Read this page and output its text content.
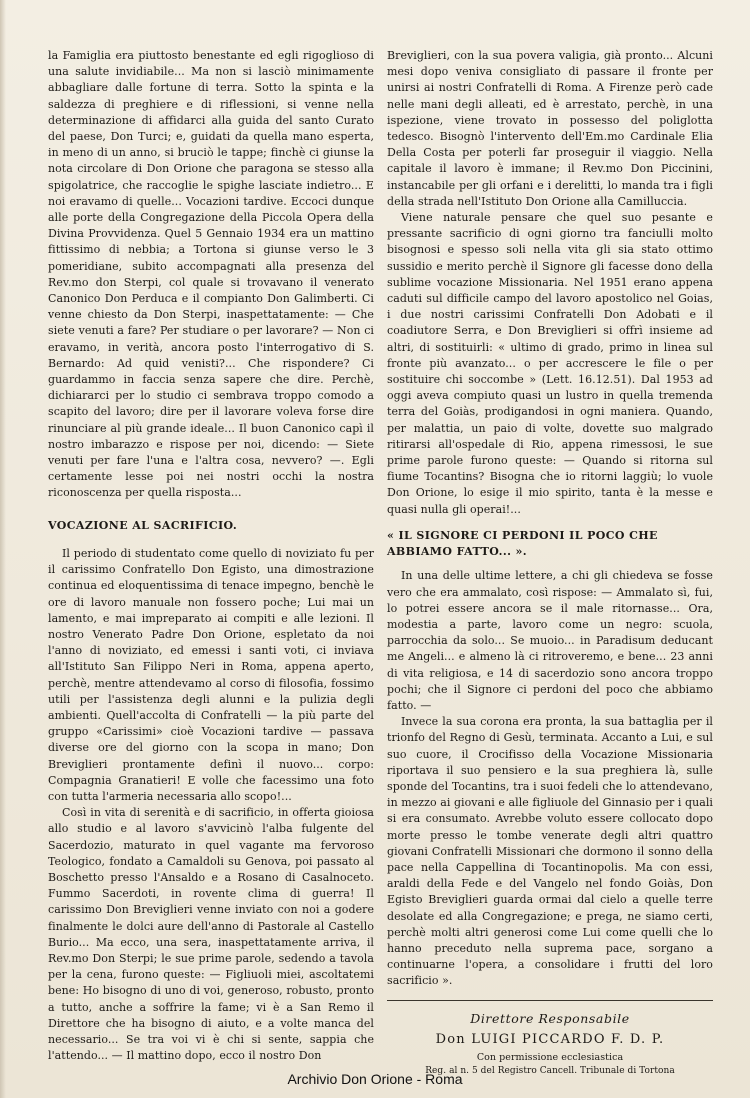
la Famiglia era piuttosto benestante ed egli rigoglioso di una salute invidiabile... Ma non si lasciò minimamente abbagliare dalle fortune di terra. Sotto la spinta e la saldezza di preghiere e di riflessioni, si venne nella determinazione di affidarci alla guida del santo Curato del paese, Don Turci; e, guidati da quella mano esperta, in meno di un anno, si bruciò le tappe; finchè ci giunse la nota circolare di Don Orione che paragona se stesso alla spigolatrice, che raccoglie le spighe lasciate indietro... E noi eravamo di quelle... Vocazioni tardive. Eccoci dunque alle porte della Congregazione della Piccola Opera della Divina Provvidenza. Quel 5 Gennaio 1934 era un mattino fittissimo di nebbia; a Tortona si giunse verso le 3 pomeridiane, subito accompagnati alla presenza del Rev.mo don Sterpi, col quale si trovavano il venerato Canonico Don Perduca e il compianto Don Galimberti. Ci venne chiesto da Don Sterpi, inaspettatamente: — Che siete venuti a fare? Per studiare o per lavorare? — Non ci eravamo, in verità, ancora posto l'interrogativo di S. Bernardo: Ad quid venisti?... Che rispondere? Ci guardammo in faccia senza sapere che dire. Perchè, dichiararci per lo studio ci sembrava troppo comodo a scapito del lavoro; dire per il lavorare voleva forse dire rinunciare al più grande ideale... Il buon Canonico capì il nostro imbarazzo e rispose per noi, dicendo: — Siete venuti per fare l'una e l'altra cosa, nevvero? —. Egli certamente lesse poi nei nostri occhi la nostra riconoscenza per quella risposta...

VOCAZIONE AL SACRIFICIO.

Il periodo di studentato come quello di noviziato fu per il carissimo Confratello Don Egisto, una dimostrazione continua ed eloquentissima di tenace impegno, benchè le ore di lavoro manuale non fossero poche; Lui mai un lamento, e mai impreparato ai compiti e alle lezioni. Il nostro Venerato Padre Don Orione, espletato da noi l'anno di noviziato, ed emessi i santi voti, ci inviava all'Istituto San Filippo Neri in Roma, appena aperto, perchè, mentre attendevamo al corso di filosofia, fossimo utili per l'assistenza degli alunni e la pulizia degli ambienti. Quell'accolta di Confratelli — la più parte del gruppo «Carissimi» cioè Vocazioni tardive — passava diverse ore del giorno con la scopa in mano; Don Breviglieri prontamente definì il nuovo... corpo: Compagnia Granatieri! E volle che facessimo una foto con tutta l'armeria necessaria allo scopo!...

Così in vita di serenità e di sacrificio, in offerta gioiosa allo studio e al lavoro s'avvicinò l'alba fulgente del Sacerdozio, maturato in quel vagante ma fervoroso Teologico, fondato a Camaldoli su Genova, poi passato al Boschetto presso l'Ansaldo e a Rosano di Casalnoceto. Fummo Sacerdoti, in rovente clima di guerra! Il carissimo Don Breviglieri venne inviato con noi a godere finalmente le dolci aure dell'anno di Pastorale al Castello Burio... Ma ecco, una sera, inaspettatamente arriva, il Rev.mo Don Sterpi; le sue prime parole, sedendo a tavola per la cena, furono queste: — Figliuoli miei, ascoltatemi bene: Ho bisogno di uno di voi, generoso, robusto, pronto a tutto, anche a soffrire la fame; vi è a San Remo il Direttore che ha bisogno di aiuto, e a volte manca del necessario... Se tra voi vi è chi si sente, sappia che l'attendo... — Il mattino dopo, ecco il nostro Don

Breviglieri, con la sua povera valigia, già pronto... Alcuni mesi dopo veniva consigliato di passare il fronte per unirsi ai nostri Confratelli di Roma. A Firenze però cade nelle mani degli alleati, ed è arrestato, perchè, in una ispezione, viene trovato in possesso del poliglotta tedesco. Bisognò l'intervento dell'Em.mo Cardinale Elia Della Costa per poterli far proseguir il viaggio. Nella capitale il lavoro è immane; il Rev.mo Don Piccinini, instancabile per gli orfani e i derelitti, lo manda tra i figli della strada nell'Istituto Don Orione alla Camilluccia.

Viene naturale pensare che quel suo pesante e pressante sacrificio di ogni giorno tra fanciulli molto bisognosi e spesso soli nella vita gli sia stato ottimo sussidio e merito perchè il Signore gli facesse dono della sublime vocazione Missionaria. Nel 1951 erano appena caduti sul difficile campo del lavoro apostolico nel Goias, i due nostri carissimi Confratelli Don Adobati e il coadiutore Serra, e Don Breviglieri si offrì insieme ad altri, di sostituirli: « ultimo di grado, primo in linea sul fronte più avanzato... o per accrescere le file o per sostituire chi soccombe » (Lett. 16.12.51). Dal 1953 ad oggi aveva compiuto quasi un lustro in quella tremenda terra del Goiàs, prodigandosi in ogni maniera. Quando, per malattia, un paio di volte, dovette suo malgrado ritirarsi all'ospedale di Rio, appena rimessosi, le sue prime parole furono queste: — Quando si ritorna sul fiume Tocantins? Bisogna che io ritorni laggiù; lo vuole Don Orione, lo esige il mio spirito, tanta è la messe e quasi nulla gli operai!...

« IL SIGNORE CI PERDONI IL POCO CHE ABBIAMO FATTO... ».

In una delle ultime lettere, a chi gli chiedeva se fosse vero che era ammalato, così rispose: — Ammalato sì, fui, lo potrei essere ancora se il male ritornasse... Ora, modestia a parte, lavoro come un negro: scuola, parrocchia da solo... Se muoio... in Paradisum deducant me Angeli... e almeno là ci ritroveremo, e bene... 23 anni di vita religiosa, e 14 di sacerdozio sono ancora troppo pochi; che il Signore ci perdoni del poco che abbiamo fatto. —

Invece la sua corona era pronta, la sua battaglia per il trionfo del Regno di Gesù, terminata. Accanto a Lui, e sul suo cuore, il Crocifisso della Vocazione Missionaria riportava il suo pensiero e la sua preghiera là, sulle sponde del Tocantins, tra i suoi fedeli che lo attendevano, in mezzo ai giovani e alle figliuole del Ginnasio per i quali si era consumato. Avrebbe voluto essere collocato dopo morte presso le tombe venerate degli altri quattro giovani Confratelli Missionari che dormono il sonno della pace nella Cappellina di Tocantinopolis. Ma con essi, araldi della Fede e del Vangelo nel fondo Goiàs, Don Egisto Breviglieri guarda ormai dal cielo a quelle terre desolate ed alla Congregazione; e prega, ne siamo certi, perchè molti altri generosi come Lui come quelli che lo hanno preceduto nella suprema pace, sorgano a continuarne l'opera, a consolidare i frutti del loro sacrificio ».

Direttore Responsabile
Don LUIGI PICCARDO F. D. P.
Con permissione ecclesiastica
Reg. al n. 5 del Registro Cancell. Tribunale di Tortona
Archivio Don Orione - Roma
